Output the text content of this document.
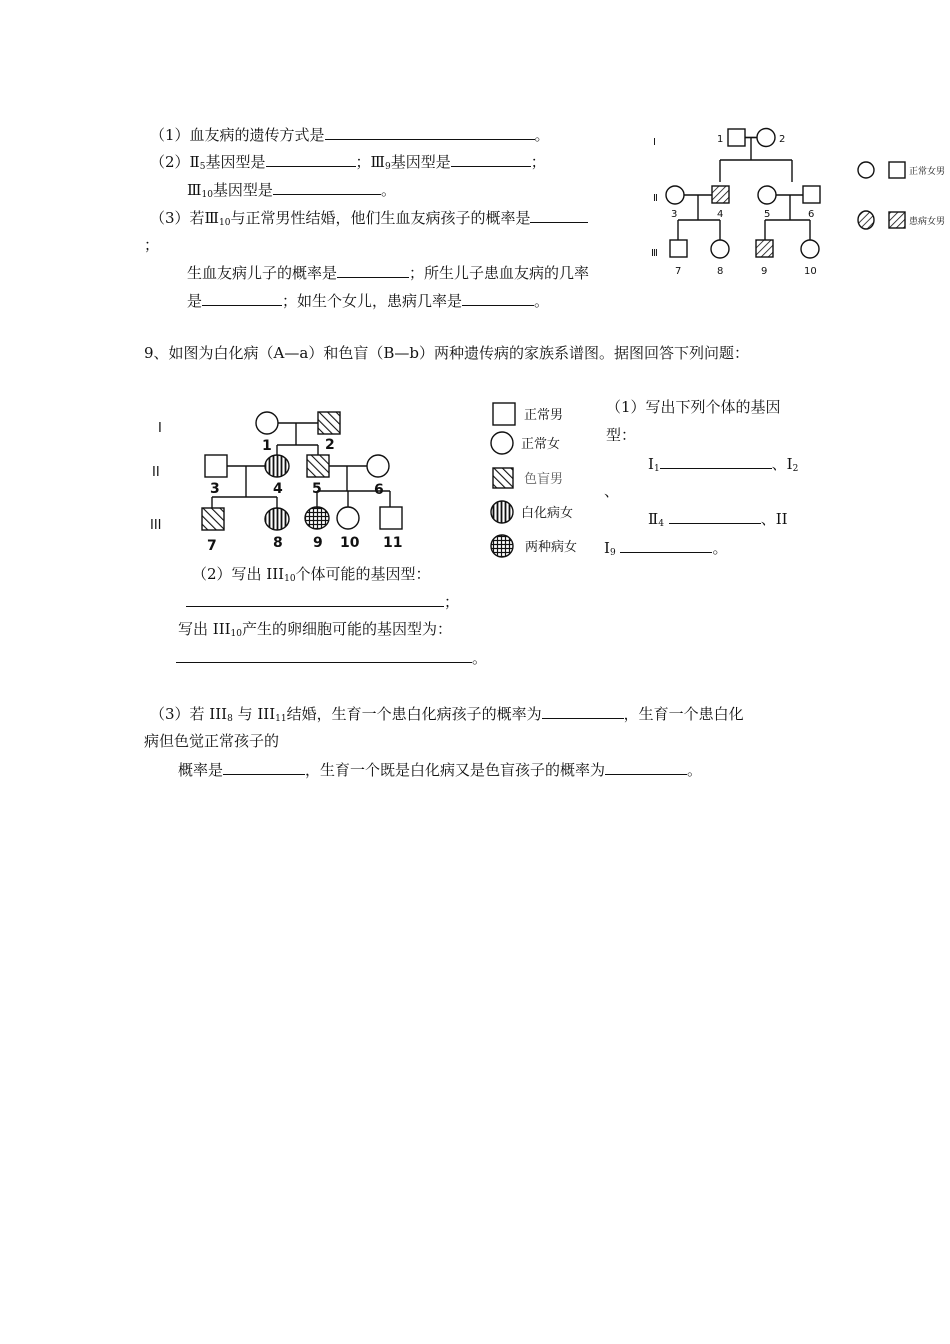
（1）血友病的遗传方式是	。
$(2)Ⅱ_5$基因型是	；$Ⅲ_9$基因型是	；
$Ⅲ_{10}$基因型是	。
（3）若$Ⅲ_{10}$与正常男性结婚，他们生血友病孩子的概率是
；
生血友病儿子的概率是	；所生儿子患血友病的几率
是	；如生个女儿，患病几率是	。
I
Ⅱ
Ⅲ
1	2
3	4	5	6
7	8	9	10
正常女男
患病女男
9、如图为白化病（A—a）和色盲（B—b）两种遗传病的家族系谱图。据图回答下列问题：
I
II
III
1	2
3	4 5	6
7	8 9 10 11
正常男
正常女
色盲男
白化病女
两种病女
（1）写出下列个体的基因
型：
$I_1$	、$I_2$
、
$Ⅱ_4$	、II
$I_9$	。
（2）写出 $III_{10}$个体可能的基因型：
；
写出 $III_{10}$产生的卵细胞可能的基因型为：
。
（3）若 $III_8$ 与 $III_{11}$结婚，生育一个患白化病孩子的概率为	，生育一个患白化
病但色觉正常孩子的
概率是	，生育一个既是白化病又是色盲孩子的概率为	。
